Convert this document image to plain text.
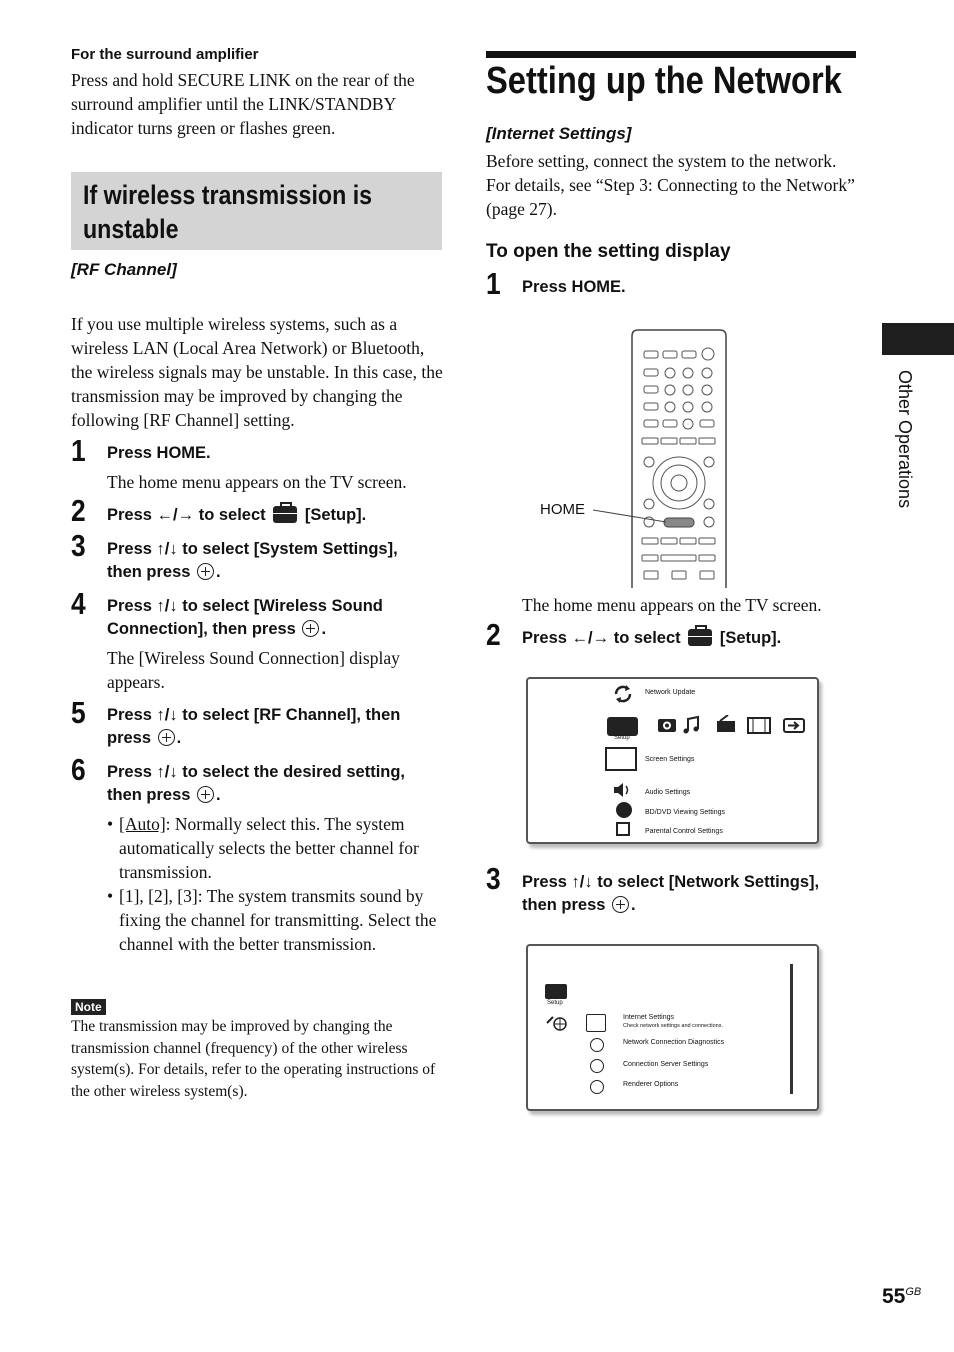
For the surround amplifier
Press and hold SECURE LINK on the rear of the surround amplifier until the LINK/STANDBY indicator turns green or flashes green.
If wireless transmission is
unstable
[RF Channel]
If you use multiple wireless systems, such as a wireless LAN (Local Area Network) or Bluetooth, the wireless signals may be unstable. In this case, the transmission may be improved by changing the following [RF Channel] setting.
1 Press HOME.
The home menu appears on the TV screen.
2 Press ←/→ to select [Setup].
3 Press ↑/↓ to select [System Settings],
then press .
4 Press ↑/↓ to select [Wireless Sound
Connection], then press .
The [Wireless Sound Connection] display appears.
5 Press ↑/↓ to select [RF Channel], then
press .
6 Press ↑/↓ to select the desired setting,
then press .
• [Auto]: Normally select this. The system automatically selects the better channel for transmission.
• [1], [2], [3]: The system transmits sound by fixing the channel for transmitting. Select the channel with the better transmission.
Note
The transmission may be improved by changing the transmission channel (frequency) of the other wireless system(s). For details, refer to the operating instructions of the other wireless system(s).
Setting up the Network
[Internet Settings]
Before setting, connect the system to the network. For details, see “Step 3: Connecting to the Network” (page 27).
To open the setting display
1 Press HOME.
HOME
The home menu appears on the TV screen.
2 Press ←/→ to select [Setup].
Network Update
Setup
Screen Settings
Audio Settings
BD/DVD Viewing Settings
Parental Control Settings
3 Press ↑/↓ to select [Network Settings],
then press .
Setup
Internet Settings
Check network settings and connections.
Network Connection Diagnostics
Connection Server Settings
Renderer Options
Other Operations
$55^{GB}$
